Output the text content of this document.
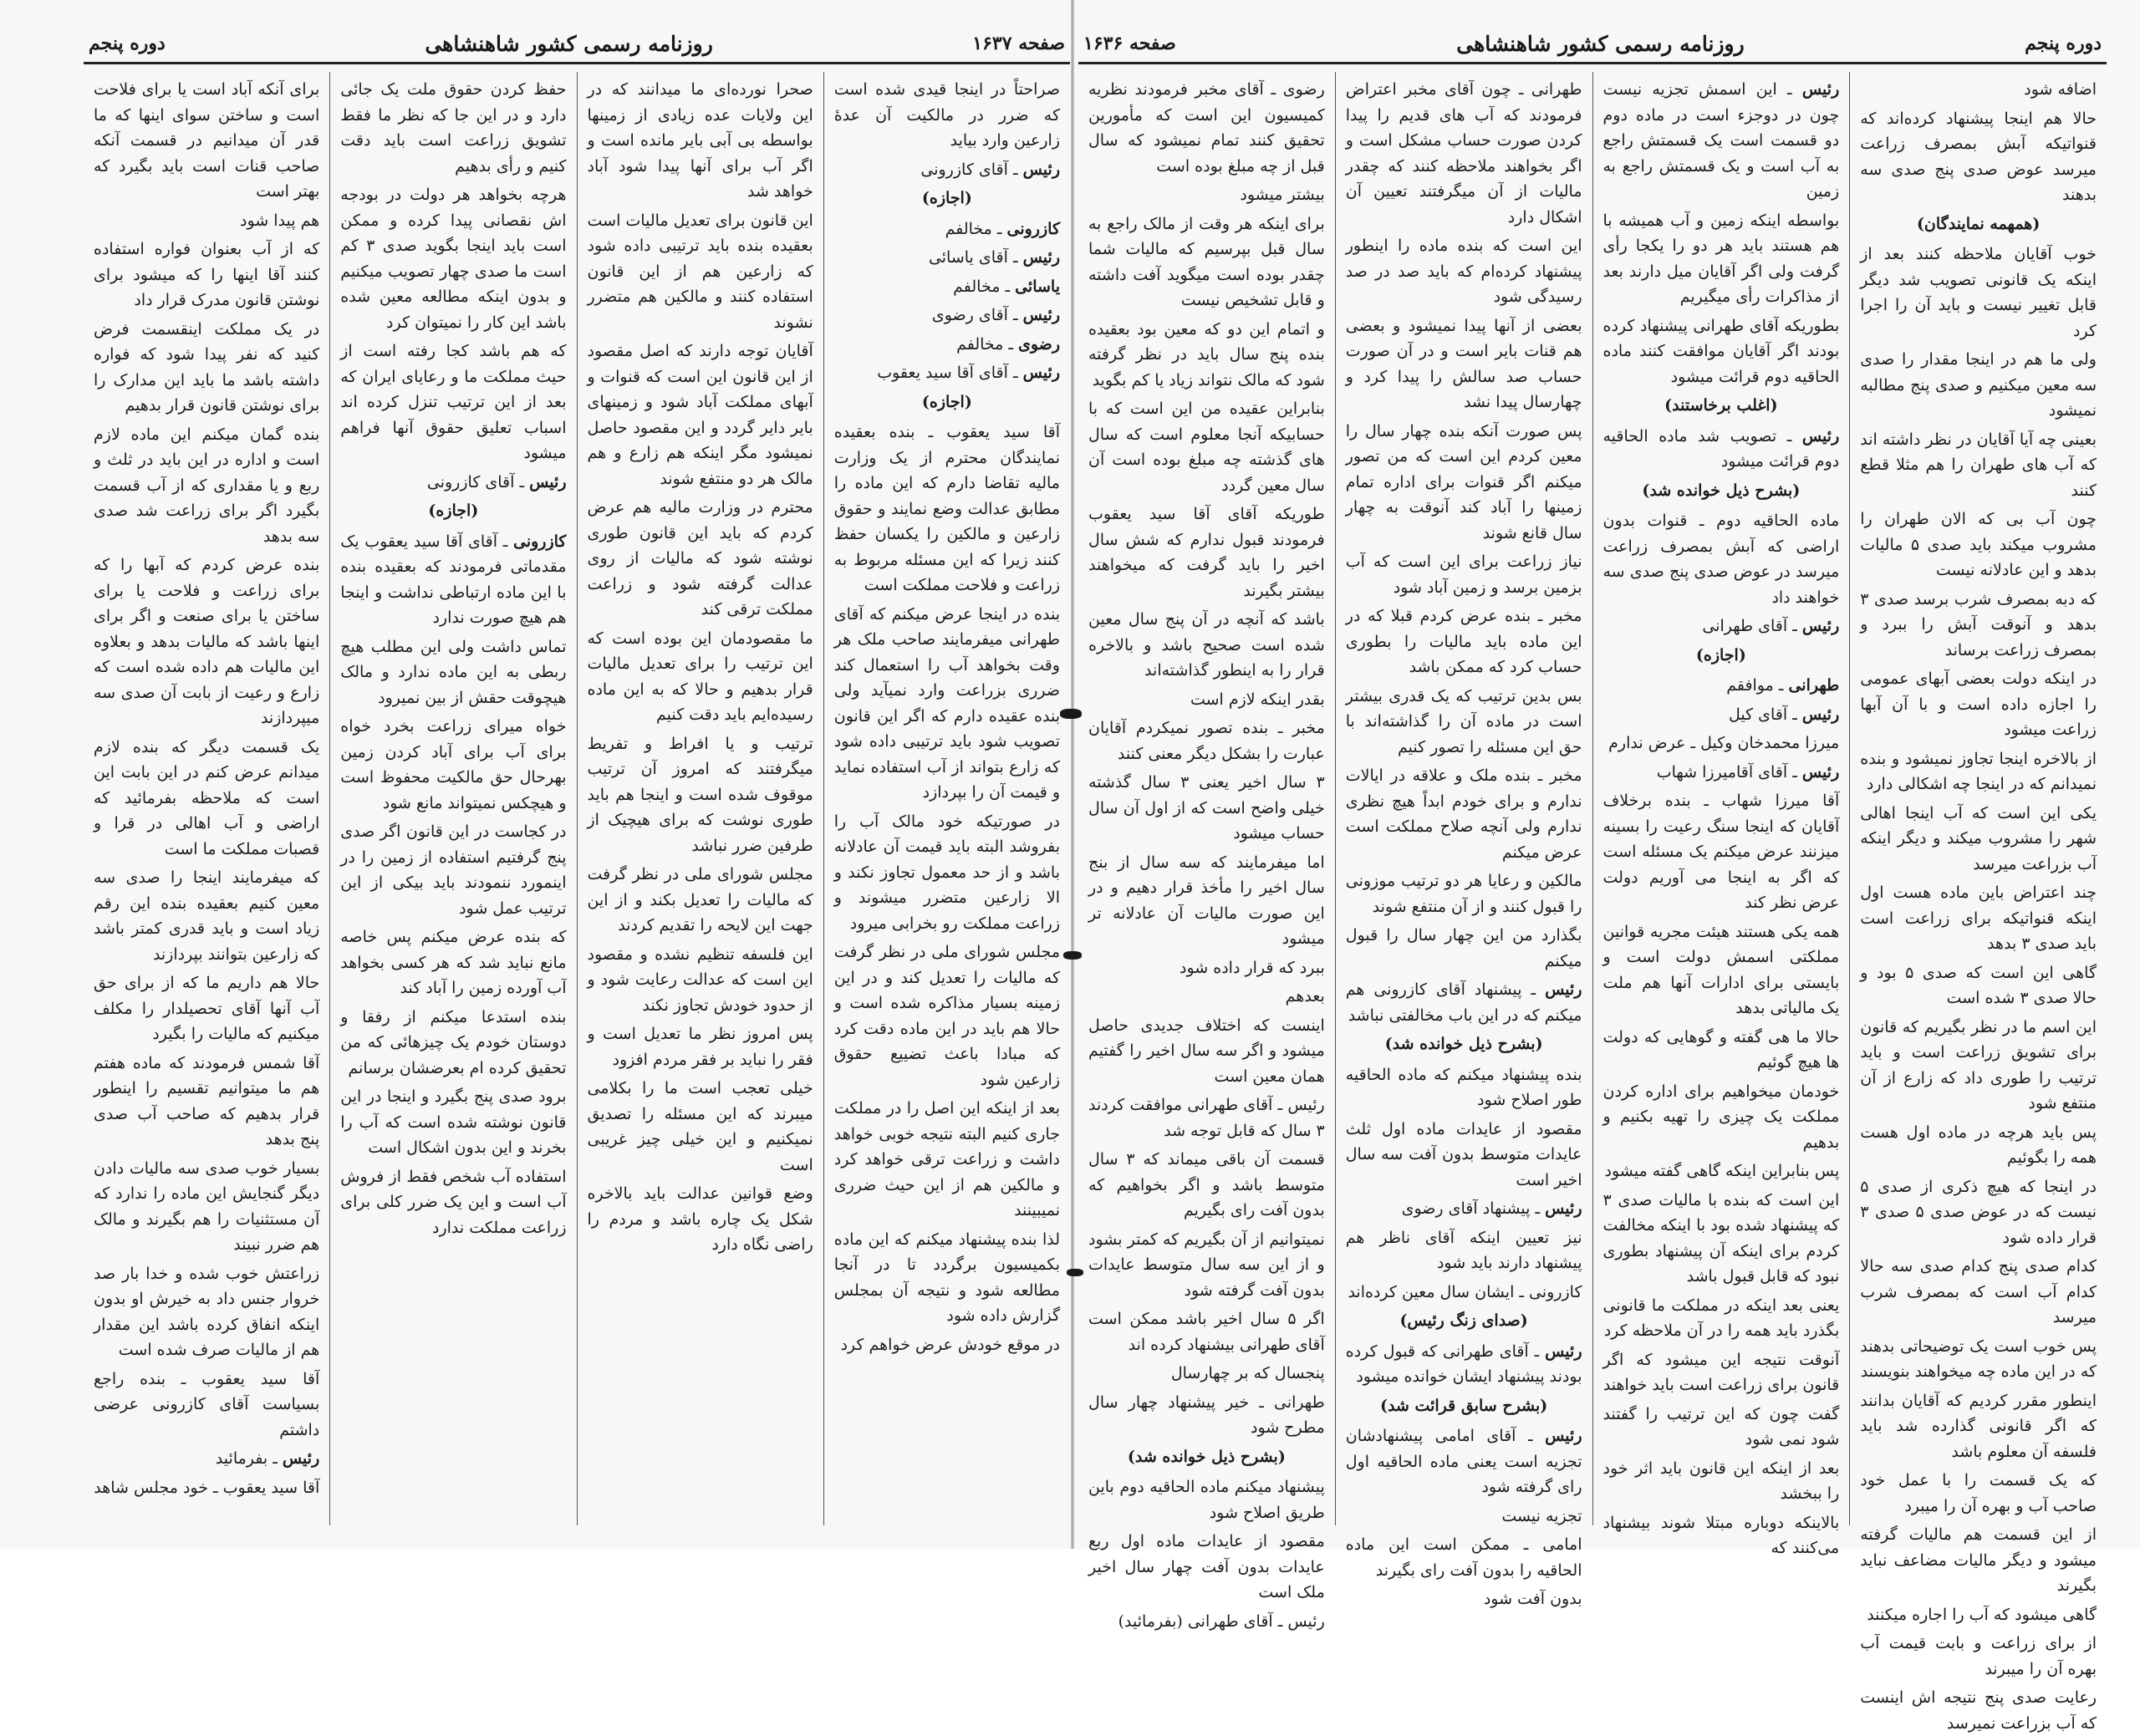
صفحه ۱۶۳۷
روزنامه رسمی کشور شاهنشاهی
دوره پنجم

صراحتاً در اینجا قیدی شده است که ضرر در مالکیت آن عدهٔ زارعین وارد بیاید

رئیس ـ آقای کازرونی

(اجازه)

کازرونی ـ مخالفم

رئیس ـ آقای یاسائی

یاسائی ـ مخالفم

رئیس ـ آقای رضوی

رضوی ـ مخالفم

رئیس ـ آقای آقا سید یعقوب

(اجازه)

آقا سید یعقوب ـ بنده بعقیده نمایندگان محترم از یک وزارت مالیه تقاضا دارم که این ماده را مطابق عدالت وضع نمایند و حقوق زارعین و مالکین را یکسان حفظ کنند زیرا که این مسئله مربوط به زراعت و فلاحت مملکت است

بنده در اینجا عرض میکنم که آقای طهرانی میفرمایند صاحب ملک هر وقت بخواهد آب را استعمال کند ضرری بزراعت وارد نمیآید ولی بنده عقیده دارم که اگر این قانون تصویب شود باید ترتیبی داده شود که زارع بتواند از آب استفاده نماید و قیمت آن را بپردازد

در صورتیکه خود مالک آب را بفروشد البته باید قیمت آن عادلانه باشد و از حد معمول تجاوز نکند و الا زارعین متضرر میشوند و زراعت مملکت رو بخرابی میرود

مجلس شورای ملی در نظر گرفت که مالیات را تعدیل کند و در این زمینه بسیار مذاکره شده است و حالا هم باید در این ماده دقت کرد که مبادا باعث تضییع حقوق زارعین شود

بعد از اینکه این اصل را در مملکت جاری کنیم البته نتیجه خوبی خواهد داشت و زراعت ترقی خواهد کرد و مالکین هم از این حیث ضرری نمیبینند

لذا بنده پیشنهاد میکنم که این ماده بکمیسیون برگردد تا در آنجا مطالعه شود و نتیجه آن بمجلس گزارش داده شود

در موقع خودش عرض خواهم کرد

صحرا نورده‌ای ما میدانند که در این ولایات عده زیادی از زمینها بواسطه بی آبی بایر مانده است و اگر آب برای آنها پیدا شود آباد خواهد شد

این قانون برای تعدیل مالیات است بعقیده بنده باید ترتیبی داده شود که زارعین هم از این قانون استفاده کنند و مالکین هم متضرر نشوند

آقایان توجه دارند که اصل مقصود از این قانون این است که قنوات و آبهای مملکت آباد شود و زمینهای بایر دایر گردد و این مقصود حاصل نمیشود مگر اینکه هم زارع و هم مالک هر دو منتفع شوند

محترم در وزارت مالیه هم عرض کردم که باید این قانون طوری نوشته شود که مالیات از روی عدالت گرفته شود و زراعت مملکت ترقی کند

ما مقصودمان این بوده است که این ترتیب را برای تعدیل مالیات قرار بدهیم و حالا که به این ماده رسیده‌ایم باید دقت کنیم

ترتیب و یا افراط و تفریط میگرفتند که امروز آن ترتیب موقوف شده است و اینجا هم باید طوری نوشت که برای هیچیک از طرفین ضرر نباشد

مجلس شورای ملی در نظر گرفت که مالیات را تعدیل بکند و از این جهت این لایحه را تقدیم کردند

این فلسفه تنظیم نشده و مقصود این است که عدالت رعایت شود و از حدود خودش تجاوز نکند

پس امروز نظر ما تعدیل است و فقر را نباید بر فقر مردم افزود

خیلی تعجب است ما را بکلامی میبرند که این مسئله را تصدیق نمیکنیم و این خیلی چیز غریبی است

وضع قوانین عدالت باید بالاخره شکل یک چاره باشد و مردم را راضی نگاه دارد

حفظ کردن حقوق ملت یک جائی دارد و در این جا که نظر ما فقط تشویق زراعت است باید دقت کنیم و رأی بدهیم

هرچه بخواهد هر دولت در بودجه اش نقصانی پیدا کرده و ممکن است باید اینجا بگوید صدی ۳ کم است ما صدی چهار تصویب میکنیم و بدون اینکه مطالعه معین شده باشد این کار را نمیتوان کرد

که هم باشد کجا رفته است از حیث مملکت ما و رعایای ایران که بعد از این ترتیب تنزل کرده اند اسباب تعلیق حقوق آنها فراهم میشود

رئیس ـ آقای کازرونی

(اجازه)

کازرونی ـ آقای آقا سید یعقوب یک مقدماتی فرمودند که بعقیده بنده با این ماده ارتباطی نداشت و اینجا هم هیچ صورت ندارد

تماس داشت ولی این مطلب هیچ ربطی به این ماده ندارد و مالک هیچوقت حقش از بین نمیرود

خواه میرای زراعت بخرد خواه برای آب برای آباد کردن زمین بهرحال حق مالکیت محفوظ است و هیچکس نمیتواند مانع شود

در کجاست در این قانون اگر صدی پنج گرفتیم استفاده از زمین را در اینمورد ننمودند باید بیکی از این ترتیب عمل شود

که بنده عرض میکنم پس خاصه مانع نباید شد که هر کسی بخواهد آب آورده زمین را آباد کند

بنده استدعا میکنم از رفقا و دوستان خودم یک چیزهائی که من تحقیق کرده ام بعرضشان برسانم

برود صدی پنج بگیرد و اینجا در این قانون نوشته شده است که آب را بخرند و این بدون اشکال است

استفاده آب شخص فقط از فروش آب است و این یک ضرر کلی برای زراعت مملکت ندارد

برای آنکه آباد است یا برای فلاحت است و ساختن سوای اینها که ما قدر آن میدانیم در قسمت آنکه صاحب قنات است باید بگیرد که بهتر است

هم پیدا شود

که از آب بعنوان فواره استفاده کنند آقا اینها را که میشود برای نوشتن قانون مدرک قرار داد

در یک مملکت اینقسمت فرض کنید که نفر پیدا شود که فواره داشته باشد ما باید این مدارک را برای نوشتن قانون قرار بدهیم

بنده گمان میکنم این ماده لازم است و اداره در این باید در ثلث و ربع و یا مقداری که از آب قسمت بگیرد اگر برای زراعت شد صدی سه بدهد

بنده عرض کردم که آبها را که برای زراعت و فلاحت یا برای ساختن یا برای صنعت و اگر برای اینها باشد که مالیات بدهد و بعلاوه این مالیات هم داده شده است که زارع و رعیت از بابت آن صدی سه میپردازند

یک قسمت دیگر که بنده لازم میدانم عرض کنم در این بابت این است که ملاحظه بفرمائید که اراضی و آب اهالی در قرا و قصبات مملکت ما است

که میفرمایند اینجا را صدی سه معین کنیم بعقیده بنده این رقم زیاد است و باید قدری کمتر باشد که زارعین بتوانند بپردازند

حالا هم داریم ما که از برای حق آب آنها آقای تحصیلدار را مکلف میکنیم که مالیات را بگیرد

آقا شمس فرمودند که ماده هفتم هم ما میتوانیم تقسیم را اینطور قرار بدهیم که صاحب آب صدی پنج بدهد

بسیار خوب صدی سه مالیات دادن دیگر گنجایش این ماده را ندارد که آن مستثنیات را هم بگیرند و مالک هم ضرر نبیند

زراعتش خوب شده و خدا بار صد خروار جنس داد به خیرش او بدون اینکه انفاق کرده باشد این مقدار هم از مالیات صرف شده است

آقا سید یعقوب ـ بنده راجع بسیاست آقای کازرونی عرضی داشتم

رئیس ـ بفرمائید

آقا سید یعقوب ـ خود مجلس شاهد

دوره پنجم
روزنامه رسمی کشور شاهنشاهی
صفحه ۱۶۳۶

اضافه شود

حالا هم اینجا پیشنهاد کرده‌اند که قنواتیکه آبش بمصرف زراعت میرسد عوض صدی پنج صدی سه بدهند

(همهمه نمایندگان)

خوب آقایان ملاحظه کنند بعد از اینکه یک قانونی تصویب شد دیگر قابل تغییر نیست و باید آن را اجرا کرد

ولی ما هم در اینجا مقدار را صدی سه معین میکنیم و صدی پنج مطالبه نمیشود

بعینی چه آیا آقایان در نظر داشته اند که آب های طهران را هم مثلا قطع کنند

چون آب بی که الان طهران را مشروب میکند باید صدی ۵ مالیات بدهد و این عادلانه نیست

که دبه بمصرف شرب برسد صدی ۳ بدهد و آنوقت آبش را ببرد و بمصرف زراعت برساند

در اینکه دولت بعضی آبهای عمومی را اجازه داده است و با آن آبها زراعت میشود

از بالاخره اینجا تجاوز نمیشود و بنده نمیدانم که در اینجا چه اشکالی دارد

یکی این است که آب اینجا اهالی شهر را مشروب میکند و دیگر اینکه آب بزراعت میرسد

چند اعتراض باین ماده هست اول اینکه قنواتیکه برای زراعت است باید صدی ۳ بدهد

گاهی این است که صدی ۵ بود و حالا صدی ۳ شده است

این اسم ما در نظر بگیریم که قانون برای تشویق زراعت است و باید ترتیب را طوری داد که زارع از آن منتفع شود

پس باید هرچه در ماده اول هست همه را بگوئیم

در اینجا که هیچ ذکری از صدی ۵ نیست که در عوض صدی ۵ صدی ۳ قرار داده شود

کدام صدی پنج کدام صدی سه حالا کدام آب است که بمصرف شرب میرسد

پس خوب است یک توضیحاتی بدهند که در این ماده چه میخواهند بنویسند

اینطور مقرر کردیم که آقایان بدانند که اگر قانونی گذارده شد باید فلسفه آن معلوم باشد

که یک قسمت را با عمل خود صاحب آب و بهره آن را میبرد

از این قسمت هم مالیات گرفته میشود و دیگر مالیات مضاعف نباید بگیرند

گاهی میشود که آب را اجاره میکنند

از برای زراعت و بابت قیمت آب بهره آن را میبرند

رعایت صدی پنج نتیجه اش اینست که آب بزراعت نمیرسد

رئیس ـ این اسمش تجزیه نیست چون در دوجزء است در ماده دوم دو قسمت است یک قسمتش راجع به آب است و یک قسمتش راجع به زمین

بواسطه اینکه زمین و آب همیشه با هم هستند باید هر دو را یکجا رأی گرفت ولی اگر آقایان میل دارند بعد از مذاکرات رأی میگیریم

بطوریکه آقای طهرانی پیشنهاد کرده بودند اگر آقایان موافقت کنند ماده الحاقیه دوم قرائت میشود

(اغلب برخاستند)

رئیس ـ تصویب شد ماده الحاقیه دوم قرائت میشود

(بشرح ذیل خوانده شد)

ماده الحاقیه دوم ـ قنوات بدون اراضی که آبش بمصرف زراعت میرسد در عوض صدی پنج صدی سه خواهند داد

رئیس ـ آقای طهرانی

(اجازه)

طهرانی ـ موافقم

رئیس ـ آقای کیل

میرزا محمدخان وکیل ـ عرض ندارم

رئیس ـ آقای آقامیرزا شهاب

آقا میرزا شهاب ـ بنده برخلاف آقایان که اینجا سنگ رعیت را بسینه میزنند عرض میکنم یک مسئله است که اگر به اینجا می آوریم دولت عرض نظر کند

همه یکی هستند هیئت مجریه قوانین مملکتی اسمش دولت است و بایستی برای ادارات آنها هم ملت یک مالیاتی بدهد

حالا ما هی گفته و گوهایی که دولت ها هیچ گوئیم

خودمان میخواهیم برای اداره کردن مملکت یک چیزی را تهیه بکنیم و بدهیم

پس بنابراین اینکه گاهی گفته میشود

این است که بنده با مالیات صدی ۳ که پیشنهاد شده بود با اینکه مخالفت کردم برای اینکه آن پیشنهاد بطوری نبود که قابل قبول باشد

یعنی بعد اینکه در مملکت ما قانونی بگذرد باید همه را در آن ملاحظه کرد

آنوقت نتیجه این میشود که اگر قانون برای زراعت است باید خواهند

گفت چون که این ترتیب را گفتند شود نمی شود

بعد از اینکه این قانون باید اثر خود را ببخشد

بالاینکه دوباره مبتلا شوند بیشنهاد می‌کنند که

طهرانی ـ چون آقای مخبر اعتراض فرمودند که آب های قدیم را پیدا کردن صورت حساب مشکل است و اگر بخواهند ملاحظه کنند که چقدر مالیات از آن میگرفتند تعیین آن اشکال دارد

این است که بنده ماده را اینطور پیشنهاد کرده‌ام که باید صد در صد رسیدگی شود

بعضی از آنها پیدا نمیشود و بعضی هم قنات بایر است و در آن صورت حساب صد سالش را پیدا کرد و چهارسال پیدا نشد

پس صورت آنکه بنده چهار سال را معین کردم این است که من تصور میکنم اگر قنوات برای اداره تمام زمینها را آباد کند آنوقت به چهار سال قانع شوند

نیاز زراعت برای این است که آب بزمین برسد و زمین آباد شود

مخبر ـ بنده عرض کردم قبلا که در این ماده باید مالیات را بطوری حساب کرد که ممکن باشد

بس بدین ترتیب که یک قدری بیشتر است در ماده آن را گذاشته‌اند با حق این مسئله را تصور کنیم

مخبر ـ بنده ملک و علاقه در ایالات ندارم و برای خودم ابداً هیچ نظری ندارم ولی آنچه صلاح مملکت است عرض میکنم

مالکین و رعایا هر دو ترتیب موزونی را قبول کنند و از آن منتفع شوند

بگذارد من این چهار سال را قبول میکنم

رئیس ـ پیشنهاد آقای کازرونی هم میکنم که در این باب مخالفتی نباشد

(بشرح ذیل خوانده شد)

بنده پیشنهاد میکنم که ماده الحاقیه طور اصلاح شود

مقصود از عایدات ماده اول ثلث عایدات متوسط بدون آفت سه سال اخیر است

رئیس ـ پیشنهاد آقای رضوی

نیز تعیین اینکه آقای ناظر هم پیشنهاد دارند باید شود

کازرونی ـ ایشان سال معین کرده‌اند

(صدای زنگ رئیس)

رئیس ـ آقای طهرانی که قبول کرده بودند پیشنهاد ایشان خوانده میشود

(بشرح سابق قرائت شد)

رئیس ـ آقای امامی پیشنهاد‌شان تجزیه است یعنی ماده الحاقیه اول رای گرفته شود

تجزیه نیست

امامی ـ ممکن است این ماده الحاقیه را بدون آفت رای بگیرند

بدون آفت شود

رضوی ـ آقای مخبر فرمودند نظریه کمیسیون این است که مأمورین تحقیق کنند تمام نمیشود که سال قبل از چه مبلغ بوده است

بیشتر میشود

برای اینکه هر وقت از مالک راجع به سال قبل بپرسیم که مالیات شما چقدر بوده است میگوید آفت داشته و قابل تشخیص نیست

و اتمام این دو که معین بود بعقیده بنده پنج سال باید در نظر گرفته شود که مالک نتواند زیاد یا کم بگوید

بنابراین عقیده من این است که با حسابیکه آنجا معلوم است که سال های گذشته چه مبلغ بوده است آن سال معین گردد

طوریکه آقای آقا سید یعقوب فرمودند قبول ندارم که شش سال اخیر را باید گرفت که میخواهند بیشتر بگیرند

باشد که آنچه در آن پنج سال معین شده است صحیح باشد و بالاخره قرار را به اینطور گذاشته‌اند

بقدر اینکه لازم است

مخبر ـ بنده تصور نمیکردم آقایان عبارت را بشکل دیگر معنی کنند

۳ سال اخیر یعنی ۳ سال گذشته خیلی واضح است که از اول آن سال حساب میشود

اما میفرمایند که سه سال از بنج سال اخیر را مأخذ قرار دهیم و در این صورت مالیات آن عادلانه تر میشود

ببرد که قرار داده شود

بعدهم

اینست که اختلاف جدیدی حاصل میشود و اگر سه سال اخیر را گفتیم همان معین است

رئیس ـ آقای طهرانی موافقت کردند ۳ سال که قابل توجه شد

قسمت آن باقی میماند که ۳ سال متوسط باشد و اگر بخواهیم که بدون آفت رای بگیریم

نمیتوانیم از آن بگیریم که کمتر بشود و از این سه سال متوسط عایدات بدون آفت گرفته شود

اگر ۵ سال اخیر باشد ممکن است آقای طهرانی بیشنهاد کرده اند

پنجسال که بر چهارسال

طهرانی ـ خیر پیشنهاد چهار سال مطرح شود

(بشرح ذیل خوانده شد)

پیشنهاد میکنم ماده الحاقیه دوم باین طریق اصلاح شود

مقصود از عایدات ماده اول ربع عایدات بدون آفت چهار سال اخیر ملک است

رئیس ـ آقای طهرانی (بفرمائید)
